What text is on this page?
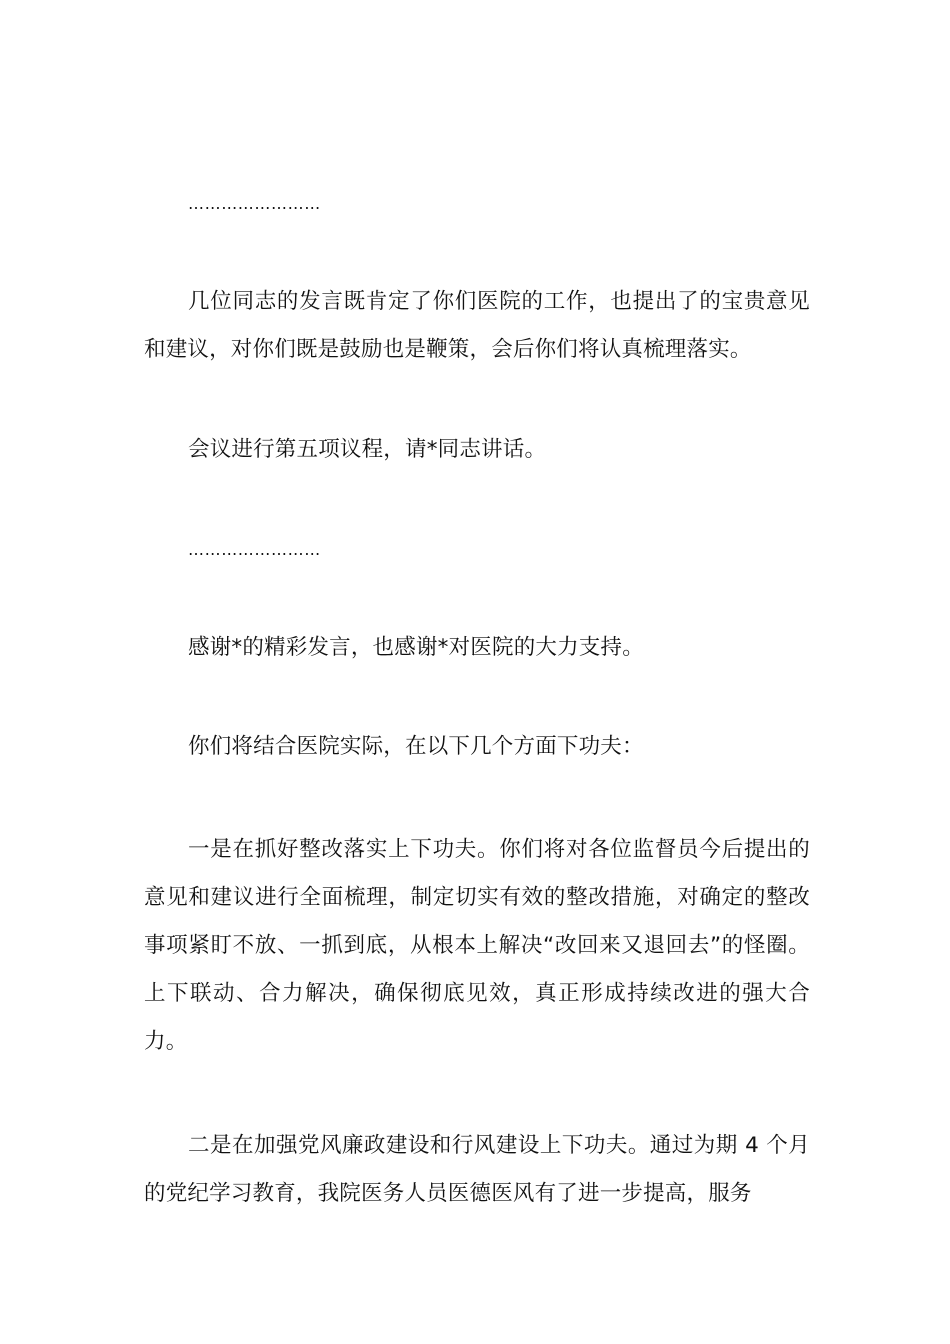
……………………

几位同志的发言既肯定了你们医院的工作，也提出了的宝贵意见和建议，对你们既是鼓励也是鞭策，会后你们将认真梳理落实。

会议进行第五项议程，请*同志讲话。

……………………

感谢*的精彩发言，也感谢*对医院的大力支持。

你们将结合医院实际，在以下几个方面下功夫：

一是在抓好整改落实上下功夫。你们将对各位监督员今后提出的意见和建议进行全面梳理，制定切实有效的整改措施，对确定的整改事项紧盯不放、一抓到底，从根本上解决“改回来又退回去”的怪圈。上下联动、合力解决，确保彻底见效，真正形成持续改进的强大合力。

二是在加强党风廉政建设和行风建设上下功夫。通过为期 4 个月的党纪学习教育，我院医务人员医德医风有了进一步提高，服务
